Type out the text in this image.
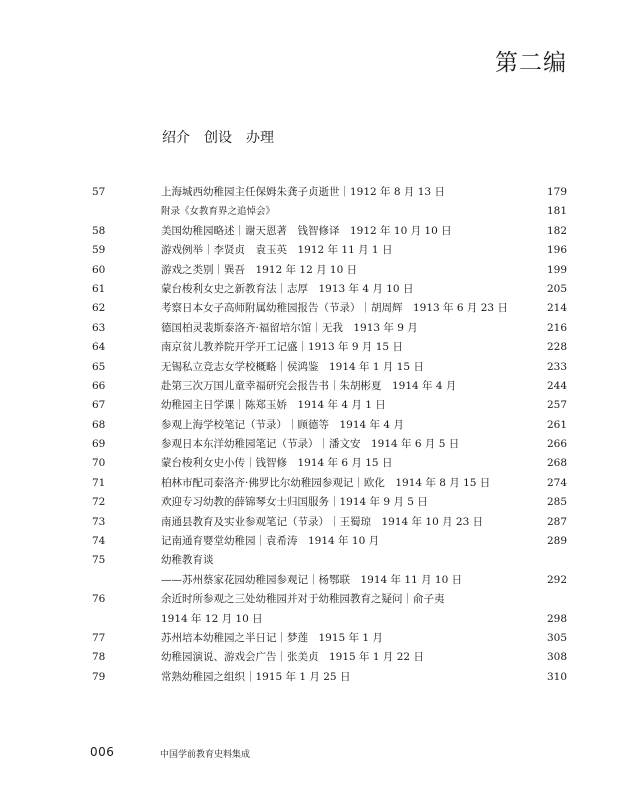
第二编
绍介　创设　办理
57	上海城西幼稚园主任保姆朱龚子贞逝世｜1912 年 8 月 13 日	179
附录《女教育界之追悼会》	181
58	美国幼稚园略述｜谢天恩著　钱智修译　1912 年 10 月 10 日	182
59	游戏例举｜李贤贞　袁玉英　1912 年 11 月 1 日	196
60	游戏之类别｜巽吾　1912 年 12 月 10 日	199
61	蒙台梭利女史之新教育法｜志厚　1913 年 4 月 10 日	205
62	考察日本女子高师附属幼稚园报告（节录）｜胡周辉　1913 年 6 月 23 日	214
63	德国柏灵裴斯泰洛齐·福留培尔馆｜无我　1913 年 9 月	216
64	南京贫儿教养院开学开工记盛｜1913 年 9 月 15 日	228
65	无锡私立竞志女学校概略｜侯鸿鉴　1914 年 1 月 15 日	233
66	赴第三次万国儿童幸福研究会报告书｜朱胡彬夏　1914 年 4 月	244
67	幼稚园主日学课｜陈郑玉娇　1914 年 4 月 1 日	257
68	参观上海学校笔记（节录）｜顾德等　1914 年 4 月	261
69	参观日本东洋幼稚园笔记（节录）｜潘文安　1914 年 6 月 5 日	266
70	蒙台梭利女史小传｜钱智修　1914 年 6 月 15 日	268
71	柏林市配司泰洛齐·佛罗比尔幼稚园参观记｜欧化　1914 年 8 月 15 日	274
72	欢迎专习幼教的薛锦琴女士归国服务｜1914 年 9 月 5 日	285
73	南通县教育及实业参观笔记（节录）｜王蜀琼　1914 年 10 月 23 日	287
74	记南通育婴堂幼稚园｜袁希涛　1914 年 10 月	289
75	幼稚教育谈
——苏州蔡家花园幼稚园参观记｜杨鄂联　1914 年 11 月 10 日	292
76	余近时所参观之三处幼稚园并对于幼稚园教育之疑问｜俞子夷
1914 年 12 月 10 日	298
77	苏州培本幼稚园之半日记｜梦莲　1915 年 1 月	305
78	幼稚园演说、游戏会广告｜张美贞　1915 年 1 月 22 日	308
79	常熟幼稚园之组织｜1915 年 1 月 25 日	310
006	中国学前教育史料集成
